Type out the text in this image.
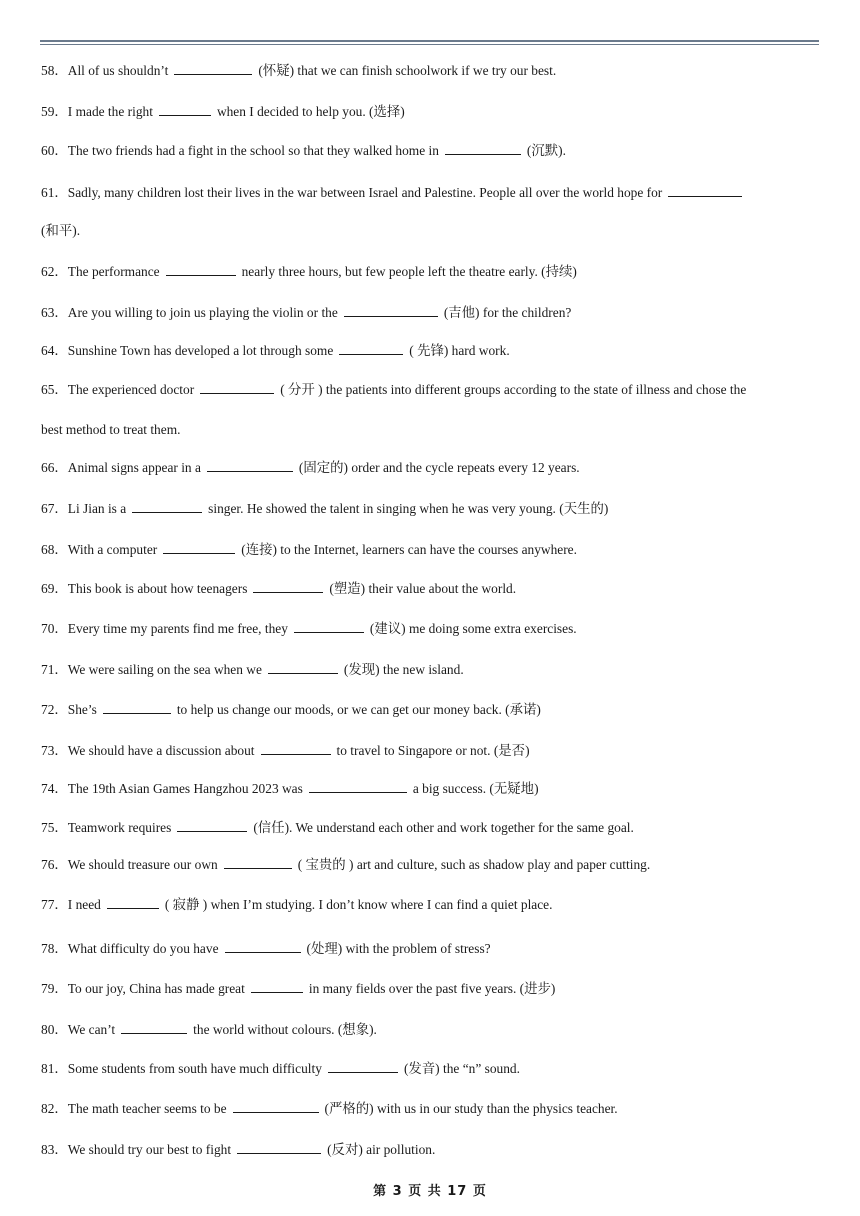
58．All of us shouldn’t	(怀疑) that we can finish schoolwork if we try our best.
59．I made the right	when I decided to help you. (选择)
60．The two friends had a fight in the school so that they walked home in	(沉默).
61．Sadly, many children lost their lives in the war between Israel and Palestine. People all over the world hope for
(和平).
62．The performance	nearly three hours, but few people left the theatre early. (持续)
63．Are you willing to join us playing the violin or the	(吉他) for the children?
64．Sunshine Town has developed a lot through some	( 先锋) hard work.
65．The experienced doctor	( 分开 ) the patients into different groups according to the state of illness and chose the
best method to treat them.
66．Animal signs appear in a	(固定的) order and the cycle repeats every 12 years.
67．Li Jian is a	singer. He showed the talent in singing when he was very young. (天生的)
68．With a computer	(连接) to the Internet, learners can have the courses anywhere.
69．This book is about how teenagers	(塑造) their value about the world.
70．Every time my parents find me free, they	(建议) me doing some extra exercises.
71．We were sailing on the sea when we	(发现) the new island.
72．She’s	to help us change our moods, or we can get our money back. (承诺)
73．We should have a discussion about	to travel to Singapore or not. (是否)
74．The 19th Asian Games Hangzhou 2023 was	a big success. (无疑地)
75．Teamwork requires	(信任). We understand each other and work together for the same goal.
76．We should treasure our own	( 宝贵的 ) art and culture, such as shadow play and paper cutting.
77．I need	( 寂静 ) when I’m studying. I don’t know where I can find a quiet place.
78．What difficulty do you have	(处理) with the problem of stress?
79．To our joy, China has made great	in many fields over the past five years. (进步)
80．We can’t	the world without colours. (想象).
81．Some students from south have much difficulty	(发音) the “n” sound.
82．The math teacher seems to be	(严格的) with us in our study than the physics teacher.
83．We should try our best to fight	(反对) air pollution.
第 3 页 共 17 页
